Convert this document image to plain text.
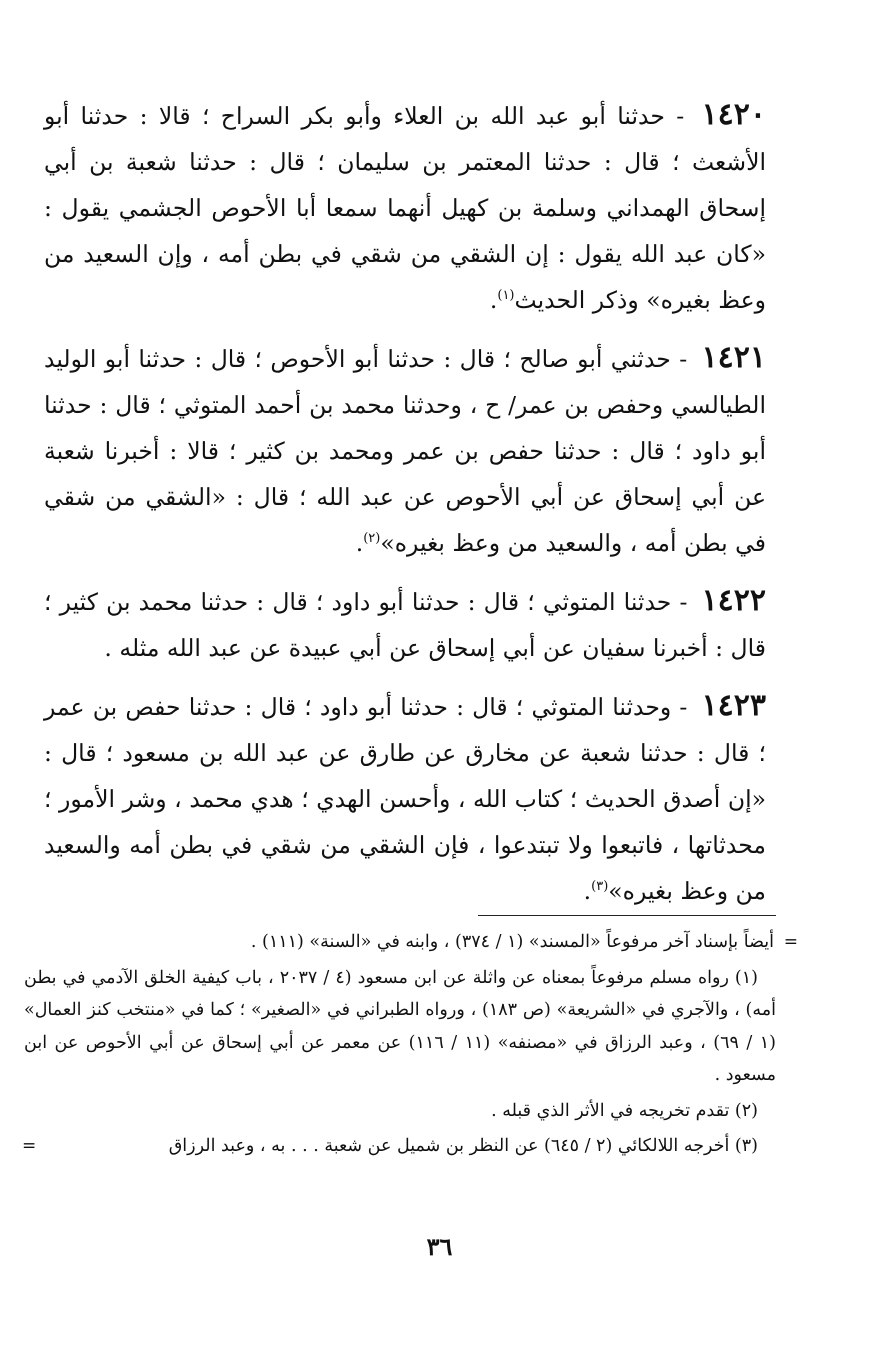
١٤٢٠ - حدثنا أبو عبد الله بن العلاء وأبو بكر السراح ؛ قالا : حدثنا أبو الأشعث ؛ قال : حدثنا المعتمر بن سليمان ؛ قال : حدثنا شعبة بن أبي إسحاق الهمداني وسلمة بن كهيل أنهما سمعا أبا الأحوص الجشمي يقول : «كان عبد الله يقول : إن الشقي من شقي في بطن أمه ، وإن السعيد من وعظ بغيره» وذكر الحديث$^{(١)}$.

١٤٢١ - حدثني أبو صالح ؛ قال : حدثنا أبو الأحوص ؛ قال : حدثنا أبو الوليد الطيالسي وحفص بن عمر/ ح ، وحدثنا محمد بن أحمد المتوثي ؛ قال : حدثنا أبو داود ؛ قال : حدثنا حفص بن عمر ومحمد بن كثير ؛ قالا : أخبرنا شعبة عن أبي إسحاق عن أبي الأحوص عن عبد الله ؛ قال : «الشقي من شقي في بطن أمه ، والسعيد من وعظ بغيره»$^{(٢)}$.

١٤٢٢ - حدثنا المتوثي ؛ قال : حدثنا أبو داود ؛ قال : حدثنا محمد بن كثير ؛ قال : أخبرنا سفيان عن أبي إسحاق عن أبي عبيدة عن عبد الله مثله .

١٤٢٣ - وحدثنا المتوثي ؛ قال : حدثنا أبو داود ؛ قال : حدثنا حفص بن عمر ؛ قال : حدثنا شعبة عن مخارق عن طارق عن عبد الله بن مسعود ؛ قال : «إن أصدق الحديث ؛ كتاب الله ، وأحسن الهدي ؛ هدي محمد ، وشر الأمور ؛ محدثاتها ، فاتبعوا ولا تبتدعوا ، فإن الشقي من شقي في بطن أمه والسعيد من وعظ بغيره»$^{(٣)}$.

=
أيضاً بإسناد آخر مرفوعاً «المسند» (١ / ٣٧٤) ، وابنه في «السنة» (١١١) .

(١) رواه مسلم مرفوعاً بمعناه عن واثلة عن ابن مسعود (٤ / ٢٠٣٧ ، باب كيفية الخلق الآدمي في بطن أمه) ، والآجري في «الشريعة» (ص ١٨٣) ، ورواه الطبراني في «الصغير» ؛ كما في «منتخب كنز العمال» (١ / ٦٩) ، وعبد الرزاق في «مصنفه» (١١ / ١١٦) عن معمر عن أبي إسحاق عن أبي الأحوص عن ابن مسعود .

(٢) تقدم تخريجه في الأثر الذي قبله .

(٣) أخرجه اللالكائي (٢ / ٦٤٥) عن النظر بن شميل عن شعبة . . . به ، وعبد الرزاق
=

٣٦
